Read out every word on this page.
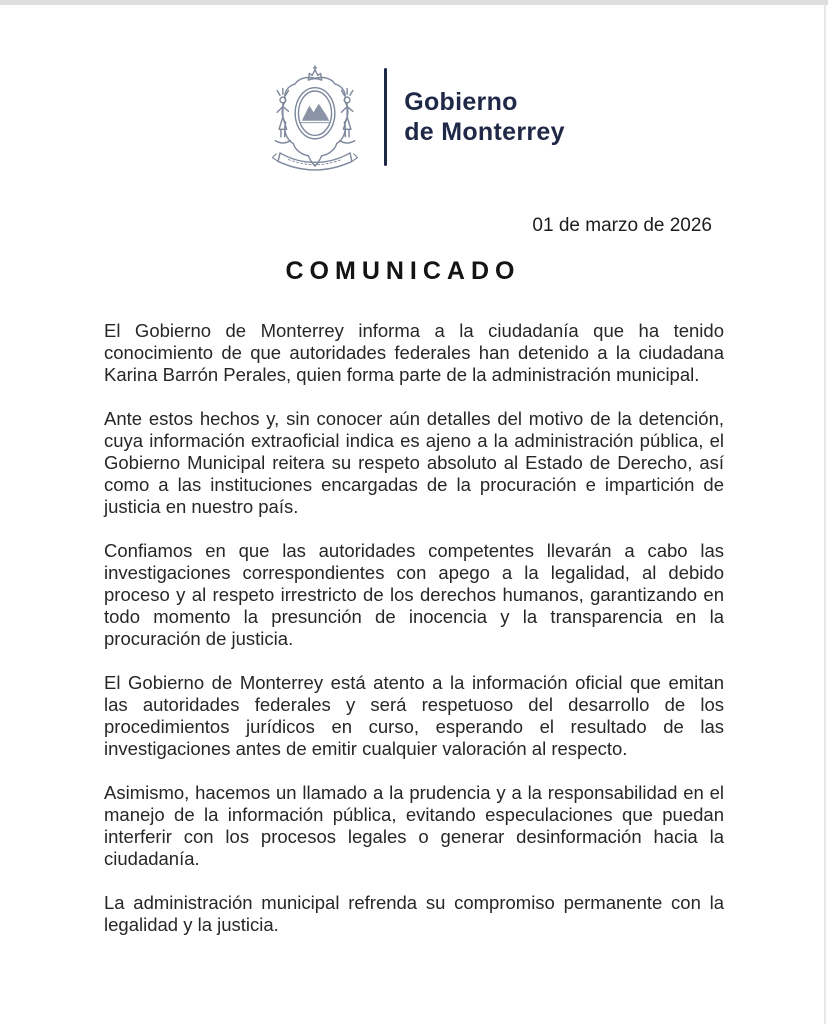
Gobierno
de Monterrey
01 de marzo de 2026
COMUNICADO

El Gobierno de Monterrey informa a la ciudadanía que ha tenido conocimiento de que autoridades federales han detenido a la ciudadana Karina Barrón Perales, quien forma parte de la administración municipal.

Ante estos hechos y, sin conocer aún detalles del motivo de la detención, cuya información extraoficial indica es ajeno a la administración pública, el Gobierno Municipal reitera su respeto absoluto al Estado de Derecho, así como a las instituciones encargadas de la procuración e impartición de justicia en nuestro país.

Confiamos en que las autoridades competentes llevarán a cabo las investigaciones correspondientes con apego a la legalidad, al debido proceso y al respeto irrestricto de los derechos humanos, garantizando en todo momento la presunción de inocencia y la transparencia en la procuración de justicia.

El Gobierno de Monterrey está atento a la información oficial que emitan las autoridades federales y será respetuoso del desarrollo de los procedimientos jurídicos en curso, esperando el resultado de las investigaciones antes de emitir cualquier valoración al respecto.

Asimismo, hacemos un llamado a la prudencia y a la responsabilidad en el manejo de la información pública, evitando especulaciones que puedan interferir con los procesos legales o generar desinformación hacia la ciudadanía.

La administración municipal refrenda su compromiso permanente con la legalidad y la justicia.
